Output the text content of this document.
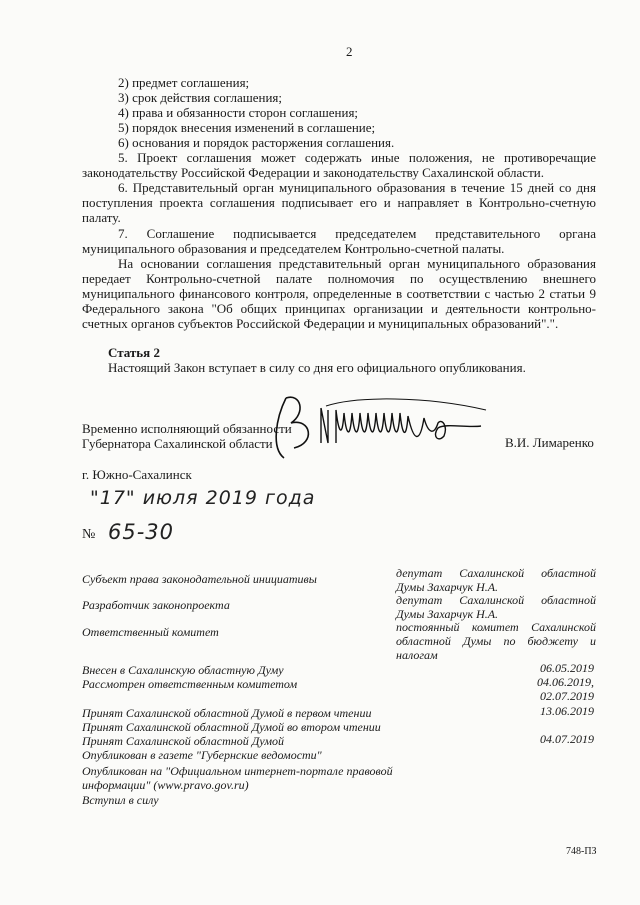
2
2) предмет соглашения;
3) срок действия соглашения;
4) права и обязанности сторон соглашения;
5) порядок внесения изменений в соглашение;
6) основания и порядок расторжения соглашения.
5. Проект соглашения может содержать иные положения, не противоречащие
законодательству Российской Федерации и законодательству Сахалинской области.
6. Представительный орган муниципального образования в течение 15 дней со дня
поступления проекта соглашения подписывает его и направляет в Контрольно-счетную
палату.
7. Соглашение подписывается председателем представительного органа
муниципального образования и председателем Контрольно-счетной палаты.
На основании соглашения представительный орган муниципального образования
передает Контрольно-счетной палате полномочия по осуществлению внешнего
муниципального финансового контроля, определенные в соответствии с частью 2 статьи 9
Федерального закона "Об общих принципах организации и деятельности контрольно-
счетных органов субъектов Российской Федерации и муниципальных образований".".
Статья 2
Настоящий Закон вступает в силу со дня его официального опубликования.
Временно исполняющий обязанности
Губернатора Сахалинской области	В.И. Лимаренко
г. Южно-Сахалинск
"17" июля 2019 года
№ 65-30
Субъект права законодательной инициативы	депутат Сахалинской областной
Думы Захарчук Н.А.
Разработчик законопроекта	депутат Сахалинской областной
Думы Захарчук Н.А.
Ответственный комитет	постоянный комитет Сахалинской
областной Думы по бюджету и
налогам
Внесен в Сахалинскую областную Думу	06.05.2019
Рассмотрен ответственным комитетом	04.06.2019,
02.07.2019
Принят Сахалинской областной Думой в первом чтении	13.06.2019
Принят Сахалинской областной Думой во втором чтении
Принят Сахалинской областной Думой	04.07.2019
Опубликован в газете "Губернские ведомости"
Опубликован на "Официальном интернет-портале правовой
информации" (www.pravo.gov.ru)
Вступил в силу
748-ПЗ
